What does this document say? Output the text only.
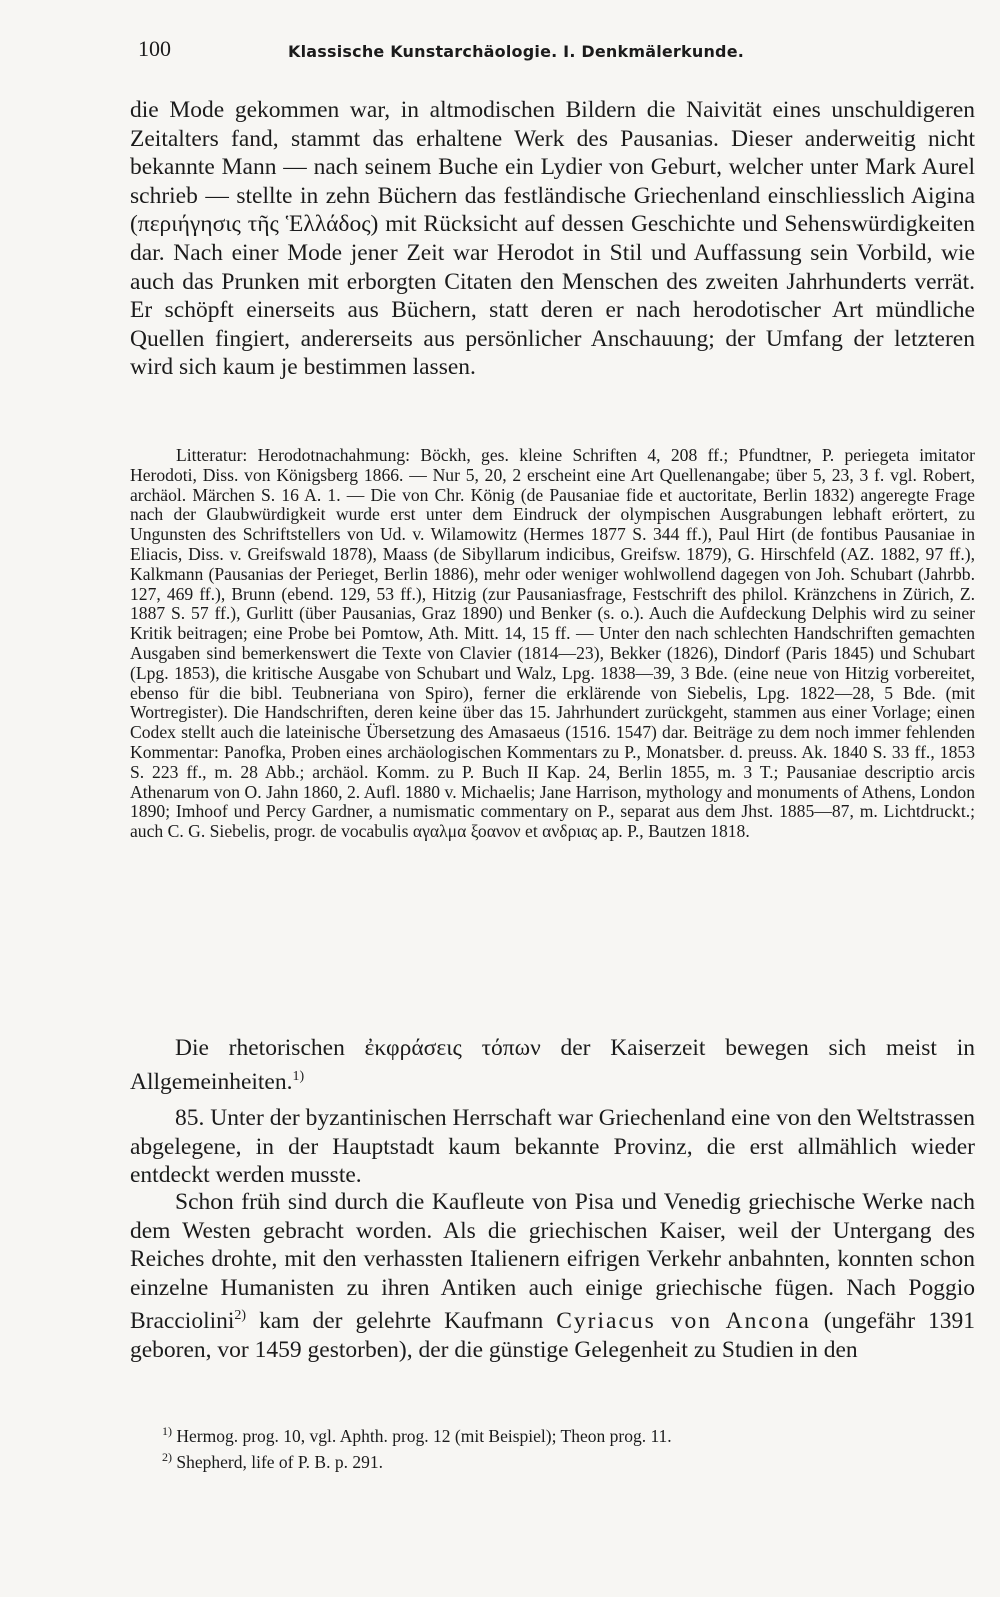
100	Klassische Kunstarchäologie. I. Denkmälerkunde.

die Mode gekommen war, in altmodischen Bildern die Naivität eines unschuldigeren Zeitalters fand, stammt das erhaltene Werk des Pausanias. Dieser anderweitig nicht bekannte Mann — nach seinem Buche ein Lydier von Geburt, welcher unter Mark Aurel schrieb — stellte in zehn Büchern das festländische Griechenland einschliesslich Aigina (περιήγησις τῆς Ἑλλάδος) mit Rücksicht auf dessen Geschichte und Sehenswürdigkeiten dar. Nach einer Mode jener Zeit war Herodot in Stil und Auffassung sein Vorbild, wie auch das Prunken mit erborgten Citaten den Menschen des zweiten Jahrhunderts verrät. Er schöpft einerseits aus Büchern, statt deren er nach herodotischer Art mündliche Quellen fingiert, andererseits aus persönlicher Anschauung; der Umfang der letzteren wird sich kaum je bestimmen lassen.

Litteratur: Herodotnachahmung: Böckh, ges. kleine Schriften 4, 208 ff.; Pfundtner, P. periegeta imitator Herodoti, Diss. von Königsberg 1866. — Nur 5, 20, 2 erscheint eine Art Quellenangabe; über 5, 23, 3 f. vgl. Robert, archäol. Märchen S. 16 A. 1. — Die von Chr. König (de Pausaniae fide et auctoritate, Berlin 1832) angeregte Frage nach der Glaubwürdigkeit wurde erst unter dem Eindruck der olympischen Ausgrabungen lebhaft erörtert, zu Ungunsten des Schriftstellers von Ud. v. Wilamowitz (Hermes 1877 S. 344 ff.), Paul Hirt (de fontibus Pausaniae in Eliacis, Diss. v. Greifswald 1878), Maass (de Sibyllarum indicibus, Greifsw. 1879), G. Hirschfeld (AZ. 1882, 97 ff.), Kalkmann (Pausanias der Perieget, Berlin 1886), mehr oder weniger wohlwollend dagegen von Joh. Schubart (Jahrbb. 127, 469 ff.), Brunn (ebend. 129, 53 ff.), Hitzig (zur Pausaniasfrage, Festschrift des philol. Kränzchens in Zürich, Z. 1887 S. 57 ff.), Gurlitt (über Pausanias, Graz 1890) und Benker (s. o.). Auch die Aufdeckung Delphis wird zu seiner Kritik beitragen; eine Probe bei Pomtow, Ath. Mitt. 14, 15 ff. — Unter den nach schlechten Handschriften gemachten Ausgaben sind bemerkenswert die Texte von Clavier (1814—23), Bekker (1826), Dindorf (Paris 1845) und Schubart (Lpg. 1853), die kritische Ausgabe von Schubart und Walz, Lpg. 1838—39, 3 Bde. (eine neue von Hitzig vorbereitet, ebenso für die bibl. Teubneriana von Spiro), ferner die erklärende von Siebelis, Lpg. 1822—28, 5 Bde. (mit Wortregister). Die Handschriften, deren keine über das 15. Jahrhundert zurückgeht, stammen aus einer Vorlage; einen Codex stellt auch die lateinische Übersetzung des Amasaeus (1516. 1547) dar. Beiträge zu dem noch immer fehlenden Kommentar: Panofka, Proben eines archäologischen Kommentars zu P., Monatsber. d. preuss. Ak. 1840 S. 33 ff., 1853 S. 223 ff., m. 28 Abb.; archäol. Komm. zu P. Buch II Kap. 24, Berlin 1855, m. 3 T.; Pausaniae descriptio arcis Athenarum von O. Jahn 1860, 2. Aufl. 1880 v. Michaelis; Jane Harrison, mythology and monuments of Athens, London 1890; Imhoof und Percy Gardner, a numismatic commentary on P., separat aus dem Jhst. 1885—87, m. Lichtdruckt.; auch C. G. Siebelis, progr. de vocabulis αγαλμα ξοανον et ανδριας ap. P., Bautzen 1818.

Die rhetorischen ἐκφράσεις τόπων der Kaiserzeit bewegen sich meist in Allgemeinheiten.$^{1)}$

85. Unter der byzantinischen Herrschaft war Griechenland eine von den Weltstrassen abgelegene, in der Hauptstadt kaum bekannte Provinz, die erst allmählich wieder entdeckt werden musste.

Schon früh sind durch die Kaufleute von Pisa und Venedig griechische Werke nach dem Westen gebracht worden. Als die griechischen Kaiser, weil der Untergang des Reiches drohte, mit den verhassten Italienern eifrigen Verkehr anbahnten, konnten schon einzelne Humanisten zu ihren Antiken auch einige griechische fügen. Nach Poggio Bracciolini$^{2)}$ kam der gelehrte Kaufmann Cyriacus von Ancona (ungefähr 1391 geboren, vor 1459 gestorben), der die günstige Gelegenheit zu Studien in den

$^{1)}$ Hermog. prog. 10, vgl. Aphth. prog. 12 (mit Beispiel); Theon prog. 11.
$^{2)}$ Shepherd, life of P. B. p. 291.
